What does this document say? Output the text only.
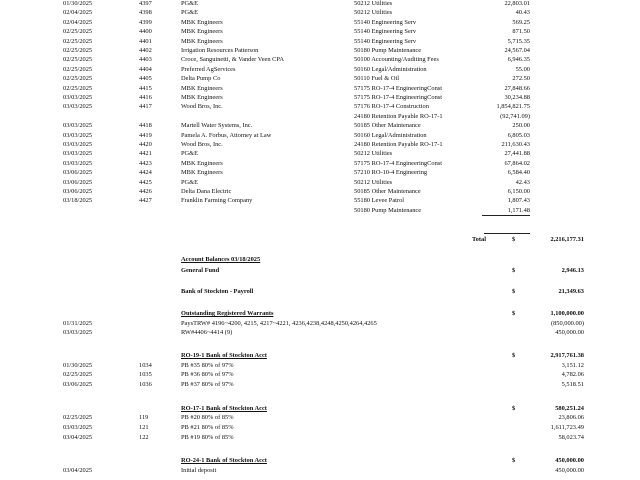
01/30/2025	4397	PG&E	50212 Utilities	22,803.01
02/04/2025	4398	PG&E	50212 Utilities	40.43
02/04/2025	4399	MBK Engineers	55140 Engineering Serv	569.25
02/25/2025	4400	MBK Engineers	55140 Engineering Serv	871.50
02/25/2025	4401	MBK Engineers	55140 Engineering Serv	5,715.35
02/25/2025	4402	Irrigation Resources Patterson	50180 Pump Maintenance	24,567.04
02/25/2025	4403	Croce, Sanguinetti, & Vander Veen CPA	50100 Accounting/Auditing Fees	6,946.35
02/25/2025	4404	Preferred AgServices	50160 Legal/Administration	55.00
02/25/2025	4405	Delta Pump Co	50110 Fuel & Oil	272.50
02/25/2025	4415	MBK Engineers	57175 RO-17-4 EngineeringConst	27,848.66
03/03/2025	4416	MBK Engineers	57175 RO-17-4 EngineeringConst	30,234.88
03/03/2025	4417	Wood Bros, Inc.	57176 RO-17-4 Construction	1,854,821.75
24180 Retention Payable RO-17-1	(92,741.09)
03/03/2025	4418	Martell Water Systems, Inc.	50185 Other Maintenance	250.00
03/03/2025	4419	Pamela A. Forbus, Attorney at Law	50160 Legal/Administration	6,805.03
03/03/2025	4420	Wood Bros, Inc.	24180 Retention Payable RO-17-1	211,630.43
03/03/2025	4421	PG&E	50212 Utilities	27,441.88
03/03/2025	4423	MBK Engineers	57175 RO-17-4 EngineeringConst	67,864.02
03/06/2025	4424	MBK Engineers	57210 RO-10-4 Engineering	6,584.40
03/06/2025	4425	PG&E	50212 Utilities	42.43
03/06/2025	4426	Delta Dana Electric	50185 Other Maintenance	6,150.00
03/18/2025	4427	Franklin Farming Company	55180 Levee Patrol	1,807.43
50180 Pump Maintenance	1,171.48
Total	$	2,216,177.31
Account Balances 03/18/2025
General Fund	$	2,946.13
Bank of Stockton - Payroll	$	21,349.63
Outstanding Registered Warrants	$	1,100,000.00
01/31/2025	PaysTRW# 4196~4200, 4215, 4217~4221, 4236,4238,4248,4250,4264,4265	(850,000.00)
03/03/2025	RW#4406~4414 (9)	450,000.00
RO-19-1 Bank of Stockton Acct	$	2,917,761.38
01/30/2025	1034	PB #35 80% of 97%	3,151.12
02/25/2025	1035	PB #36 80% of 97%	4,782.06
03/06/2025	1036	PB #37 80% of 97%	5,518.51
RO-17-1 Bank of Stockton Acct	$	580,251.24
02/25/2025	119	PB #20 80% of 85%	23,806.06
03/03/2025	121	PB #21 80% of 85%	1,611,723.49
03/04/2025	122	PB #19 80% of 85%	58,023.74
RO-24-1 Bank of Stockton Acct	$	450,000.00
03/04/2025	Initial deposit	450,000.00
